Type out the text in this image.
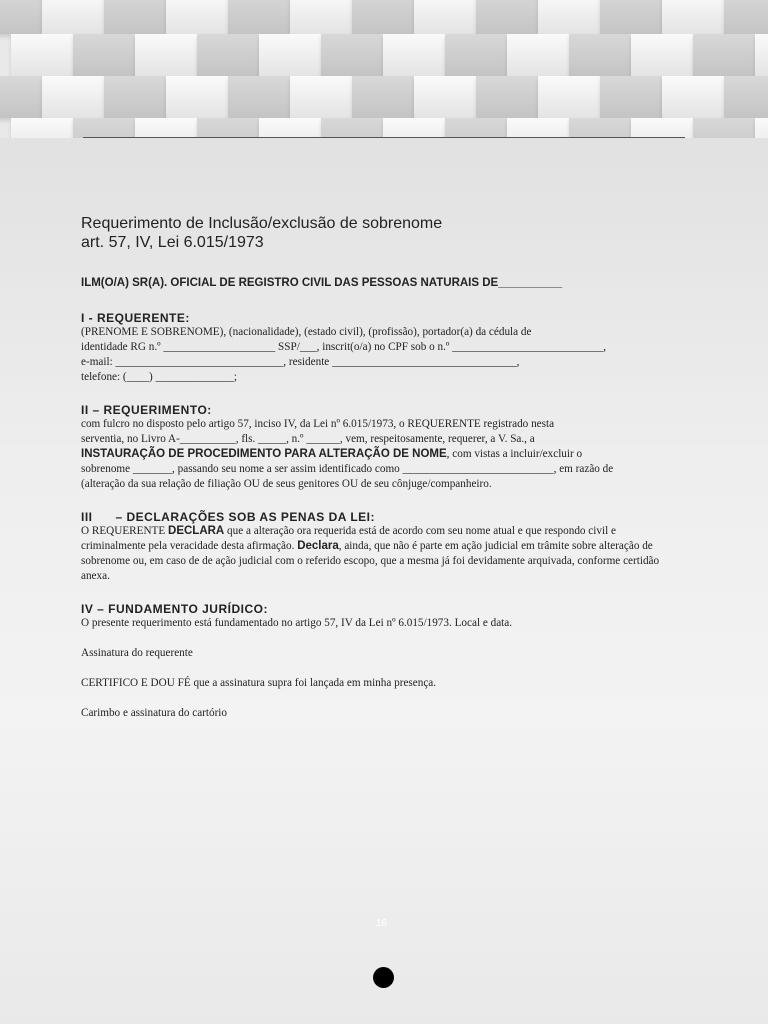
Requerimento de Inclusão/exclusão de sobrenome
art. 57, IV, Lei 6.015/1973
ILM(O/A) SR(A). OFICIAL DE REGISTRO CIVIL DAS PESSOAS NATURAIS DE__________
I - REQUERENTE:

(PRENOME E SOBRENOME), (nacionalidade), (estado civil), (profissão), portador(a) da cédula de

identidade RG n.º ____________________ SSP/___, inscrit(o/a) no CPF sob o n.º ___________________________,

e-mail: ______________________________, residente _________________________________,

telefone: (____) ______________;

II – REQUERIMENTO:

com fulcro no disposto pelo artigo 57, inciso IV, da Lei nº 6.015/1973, o REQUERENTE registrado nesta

serventia, no Livro A-__________, fls. _____, n.º ______, vem, respeitosamente, requerer, a V. Sa., a

INSTAURAÇÃO DE PROCEDIMENTO PARA ALTERAÇÃO DE NOME, com vistas a incluir/excluir o

sobrenome _______, passando seu nome a ser assim identificado como ___________________________, em razão de

(alteração da sua relação de filiação OU de seus genitores OU de seu cônjuge/companheiro.

III      – DECLARAÇÕES SOB AS PENAS DA LEI:

O REQUERENTE DECLARA que a alteração ora requerida está de acordo com seu nome atual e que respondo civil e criminalmente pela veracidade desta afirmação. Declara, ainda, que não é parte em ação judicial em trâmite sobre alteração de sobrenome ou, em caso de de ação judicial com o referido escopo, que a mesma já foi devidamente arquivada, conforme certidão anexa.

IV – FUNDAMENTO JURÍDICO:

O presente requerimento está fundamentado no artigo 57, IV da Lei nº 6.015/1973. Local e data.

Assinatura do requerente

CERTIFICO E DOU FÉ que a assinatura supra foi lançada em minha presença.

Carimbo e assinatura do cartório

16
